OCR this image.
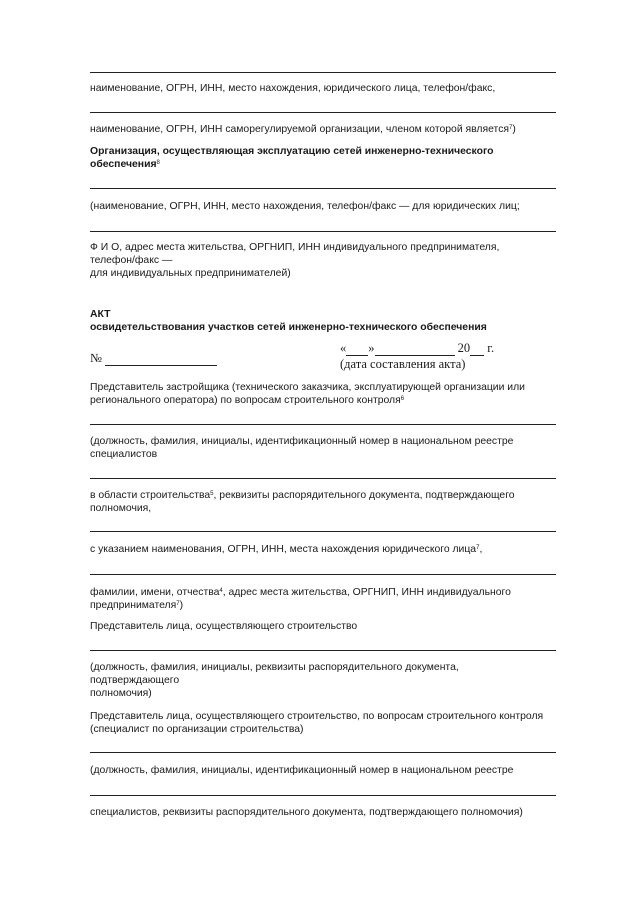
наименование, ОГРН, ИНН, место нахождения, юридического лица, телефон/факс,
наименование, ОГРН, ИНН саморегулируемой организации, членом которой является$^7$)
Организация, осуществляющая эксплуатацию сетей инженерно-технического
обеспечения$^8$
(наименование, ОГРН, ИНН, место нахождения, телефон/факс — для юридических лиц;
Ф И О, адрес места жительства, ОРГНИП, ИНН индивидуального предпринимателя,
телефон/факс —
для индивидуальных предпринимателей)
АКТ
освидетельствования участков сетей инженерно-технического обеспечения
№
« »	20 г.
(дата составления акта)
Представитель застройщика (технического заказчика, эксплуатирующей организации или
регионального оператора) по вопросам строительного контроля$^6$
(должность, фамилия, инициалы, идентификационный номер в национальном реестре
специалистов
в области строительства$^5$, реквизиты распорядительного документа, подтверждающего
полномочия,
с указанием наименования, ОГРН, ИНН, места нахождения юридического лица$^7$,
фамилии, имени, отчества$^4$, адрес места жительства, ОРГНИП, ИНН индивидуального
предпринимателя$^7$)
Представитель лица, осуществляющего строительство
(должность, фамилия, инициалы, реквизиты распорядительного документа,
подтверждающего
полномочия)
Представитель лица, осуществляющего строительство, по вопросам строительного контроля
(специалист по организации строительства)
(должность, фамилия, инициалы, идентификационный номер в национальном реестре
специалистов, реквизиты распорядительного документа, подтверждающего полномочия)
